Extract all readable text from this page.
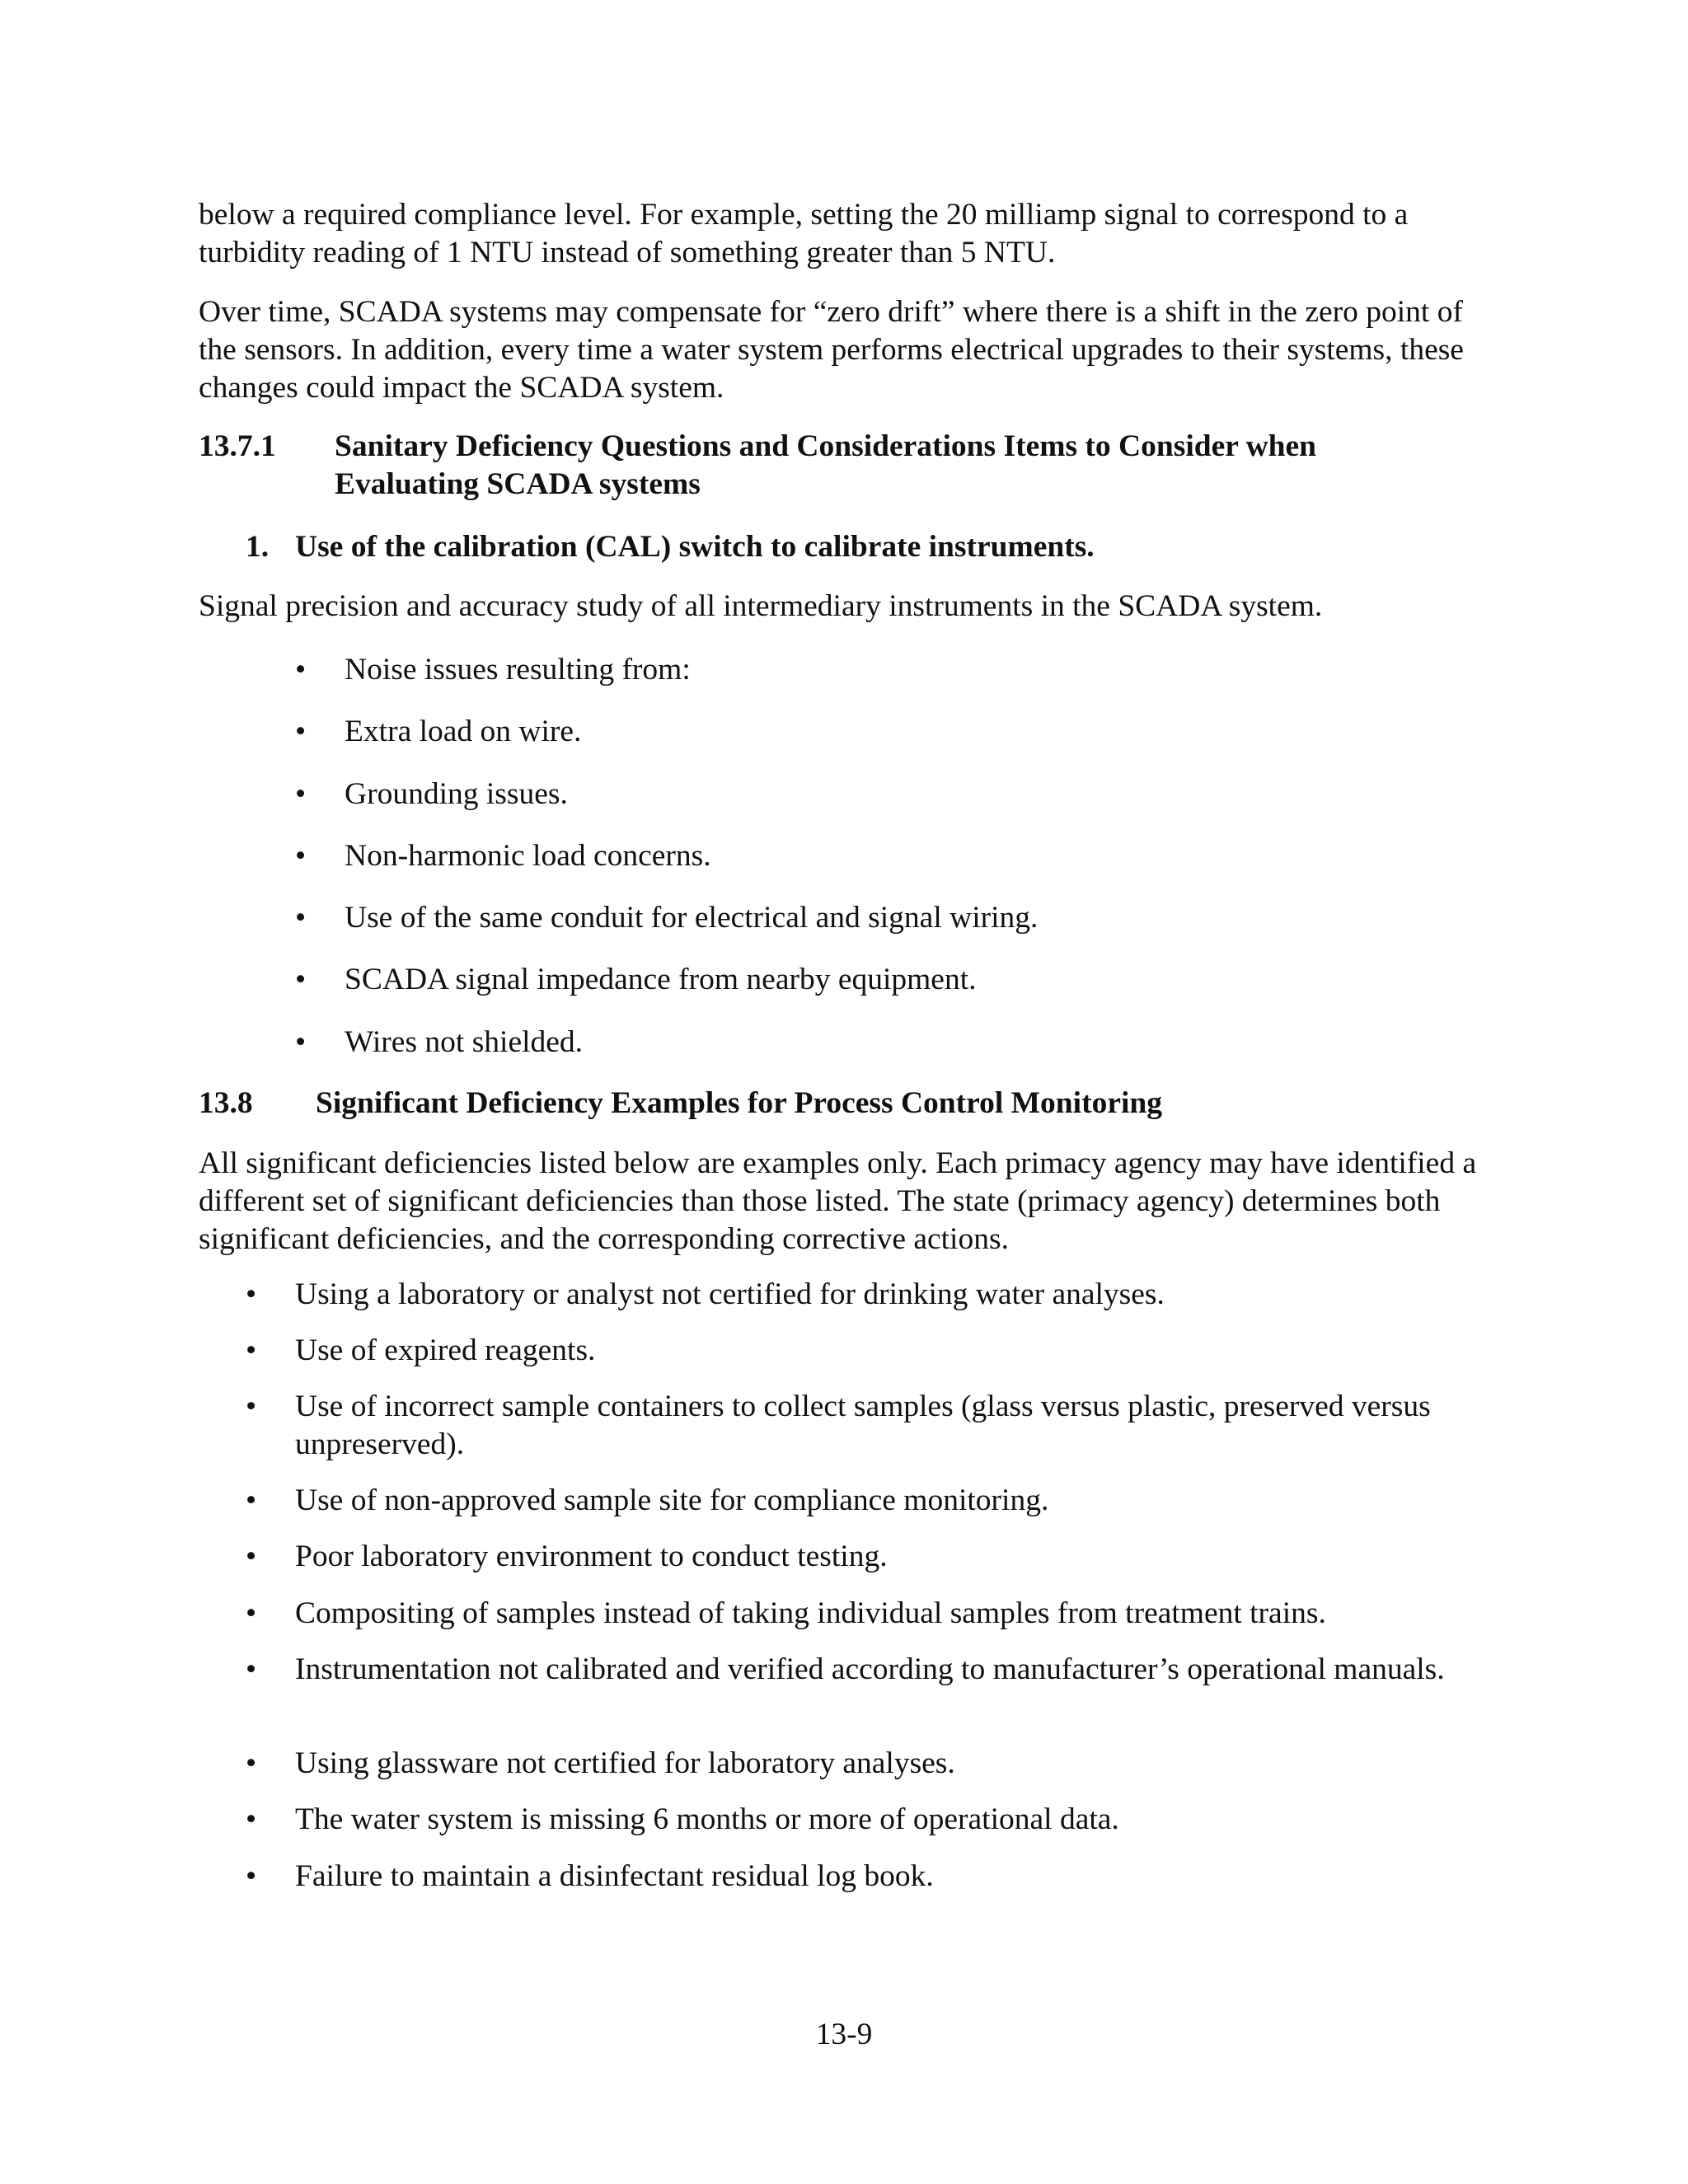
below a required compliance level. For example, setting the 20 milliamp signal to correspond to a turbidity reading of 1 NTU instead of something greater than 5 NTU.

Over time, SCADA systems may compensate for “zero drift” where there is a shift in the zero point of the sensors. In addition, every time a water system performs electrical upgrades to their systems, these changes could impact the SCADA system.

13.7.1 Sanitary Deficiency Questions and Considerations Items to Consider when
Evaluating SCADA systems
1. Use of the calibration (CAL) switch to calibrate instruments.

Signal precision and accuracy study of all intermediary instruments in the SCADA system.

• Noise issues resulting from:
• Extra load on wire.
• Grounding issues.
• Non-harmonic load concerns.
• Use of the same conduit for electrical and signal wiring.
• SCADA signal impedance from nearby equipment.
• Wires not shielded.
13.8 Significant Deficiency Examples for Process Control Monitoring

All significant deficiencies listed below are examples only. Each primacy agency may have identified a different set of significant deficiencies than those listed. The state (primacy agency) determines both significant deficiencies, and the corresponding corrective actions.

• Using a laboratory or analyst not certified for drinking water analyses.
• Use of expired reagents.
• Use of incorrect sample containers to collect samples (glass versus plastic, preserved versus unpreserved).
• Use of non-approved sample site for compliance monitoring.
• Poor laboratory environment to conduct testing.
• Compositing of samples instead of taking individual samples from treatment trains.
• Instrumentation not calibrated and verified according to manufacturer’s operational manuals.
• Using glassware not certified for laboratory analyses.
• The water system is missing 6 months or more of operational data.
• Failure to maintain a disinfectant residual log book.
13-9
